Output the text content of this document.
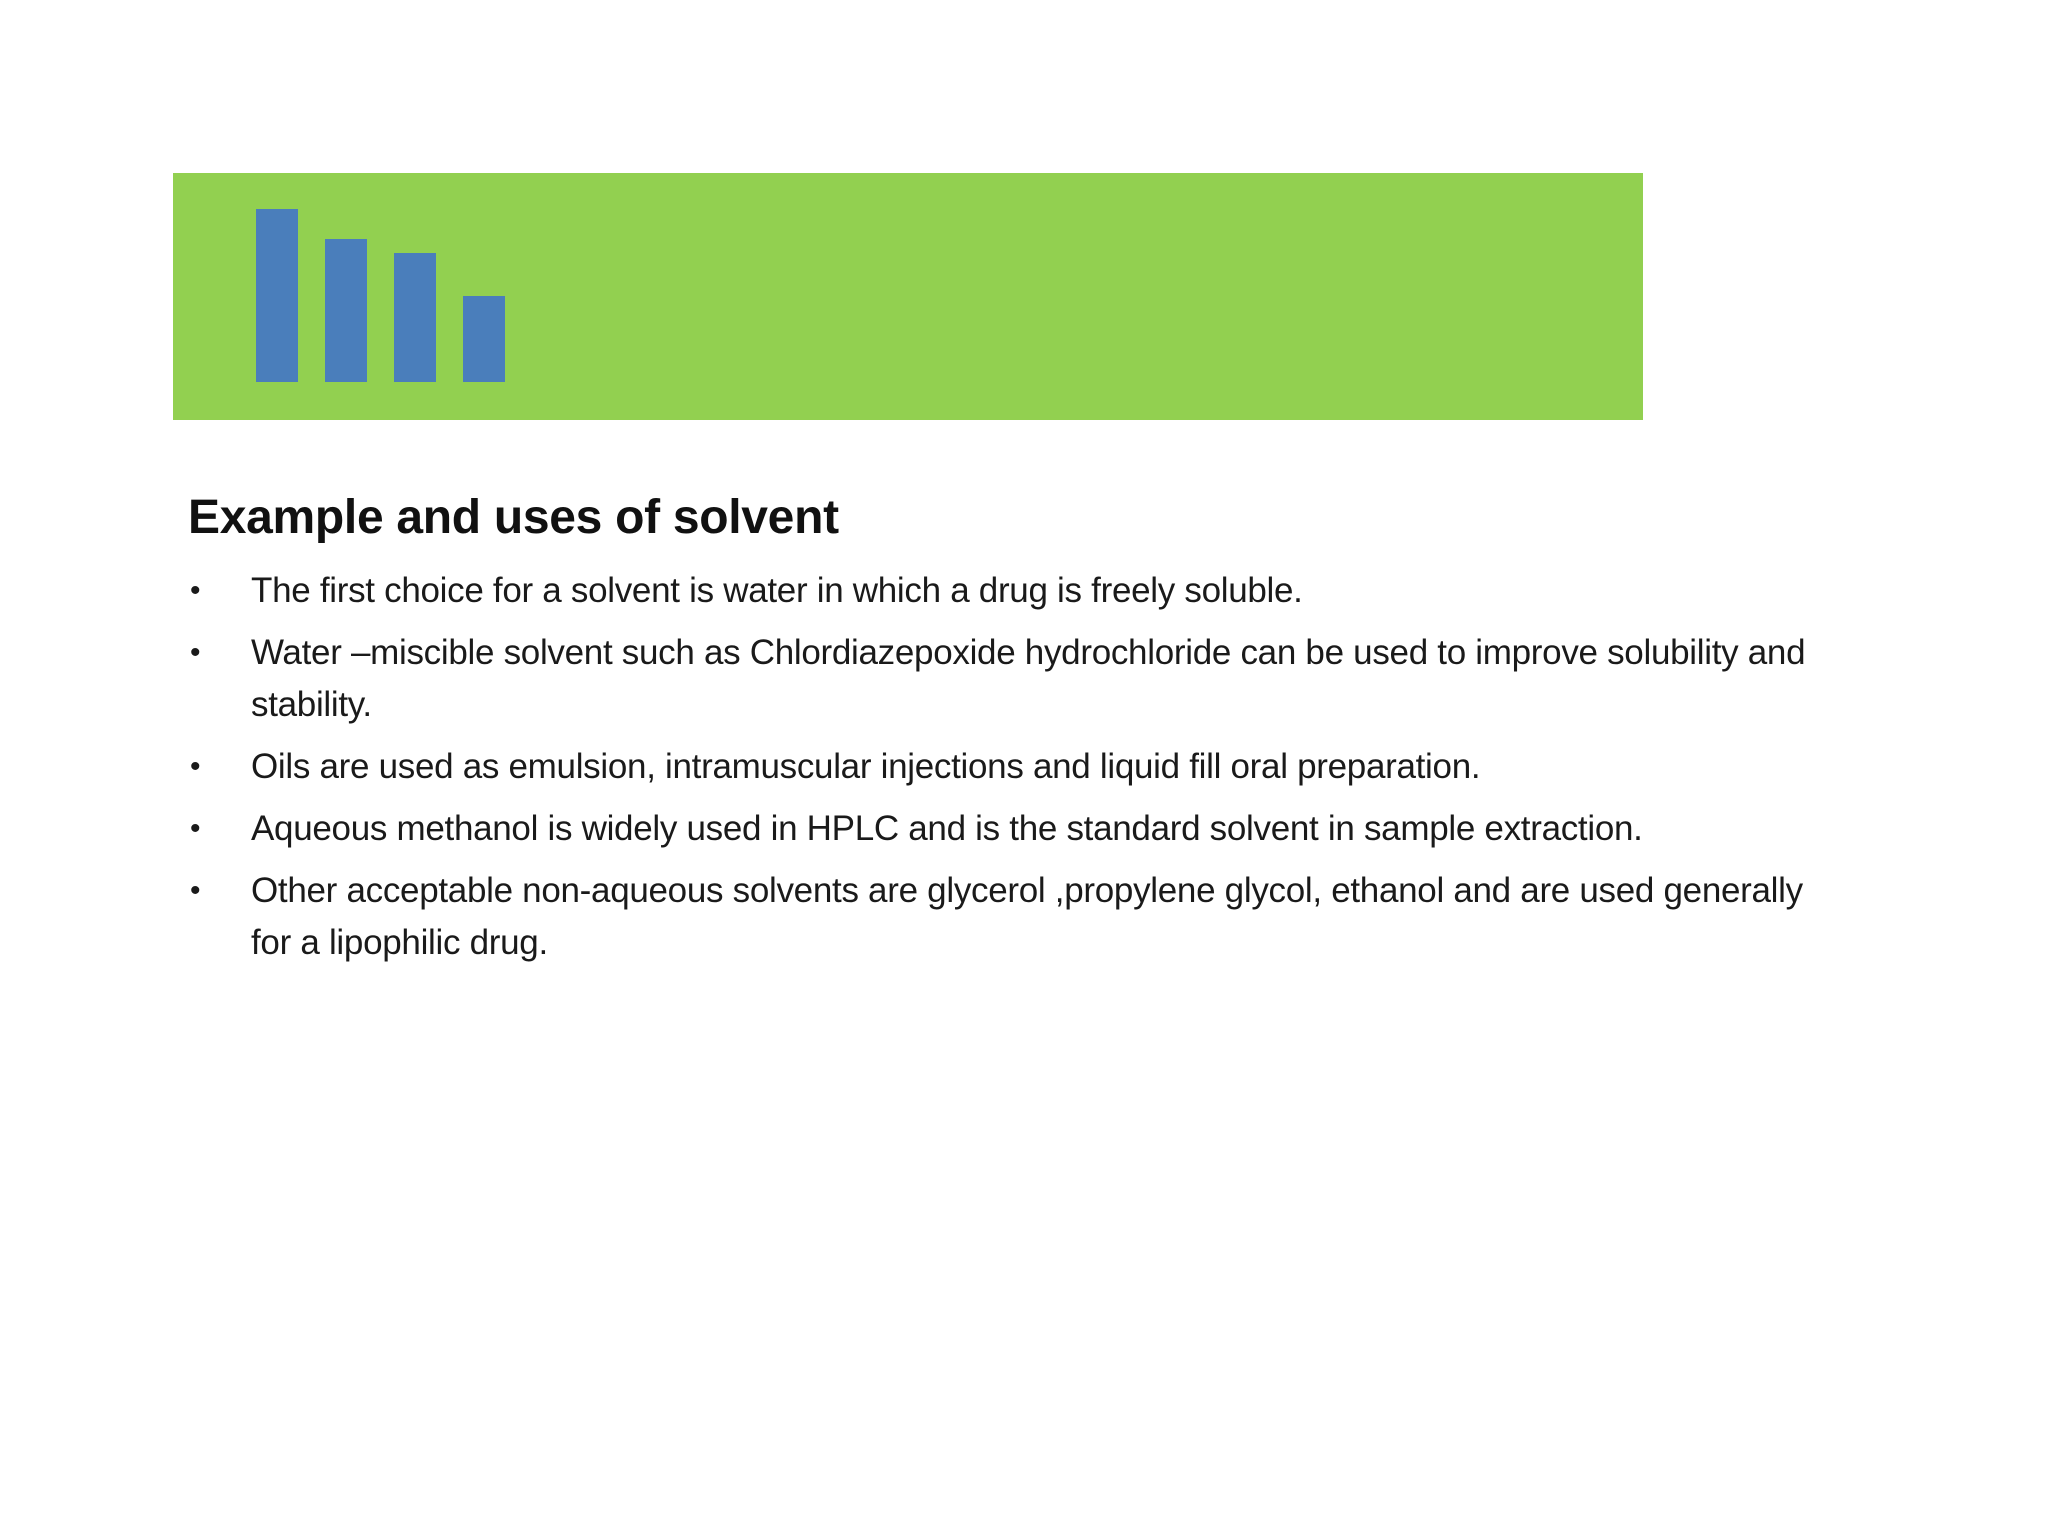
Example and uses of solvent
• The first choice for a solvent is water in which a drug is freely soluble.
• Water –miscible solvent such as Chlordiazepoxide hydrochloride can be used to improve solubility and stability.
• Oils are used as emulsion, intramuscular injections and liquid fill oral preparation.
• Aqueous methanol is widely used in HPLC and is the standard solvent in sample extraction.
• Other acceptable non-aqueous solvents are glycerol ,propylene glycol, ethanol and are used generally for a lipophilic drug.
